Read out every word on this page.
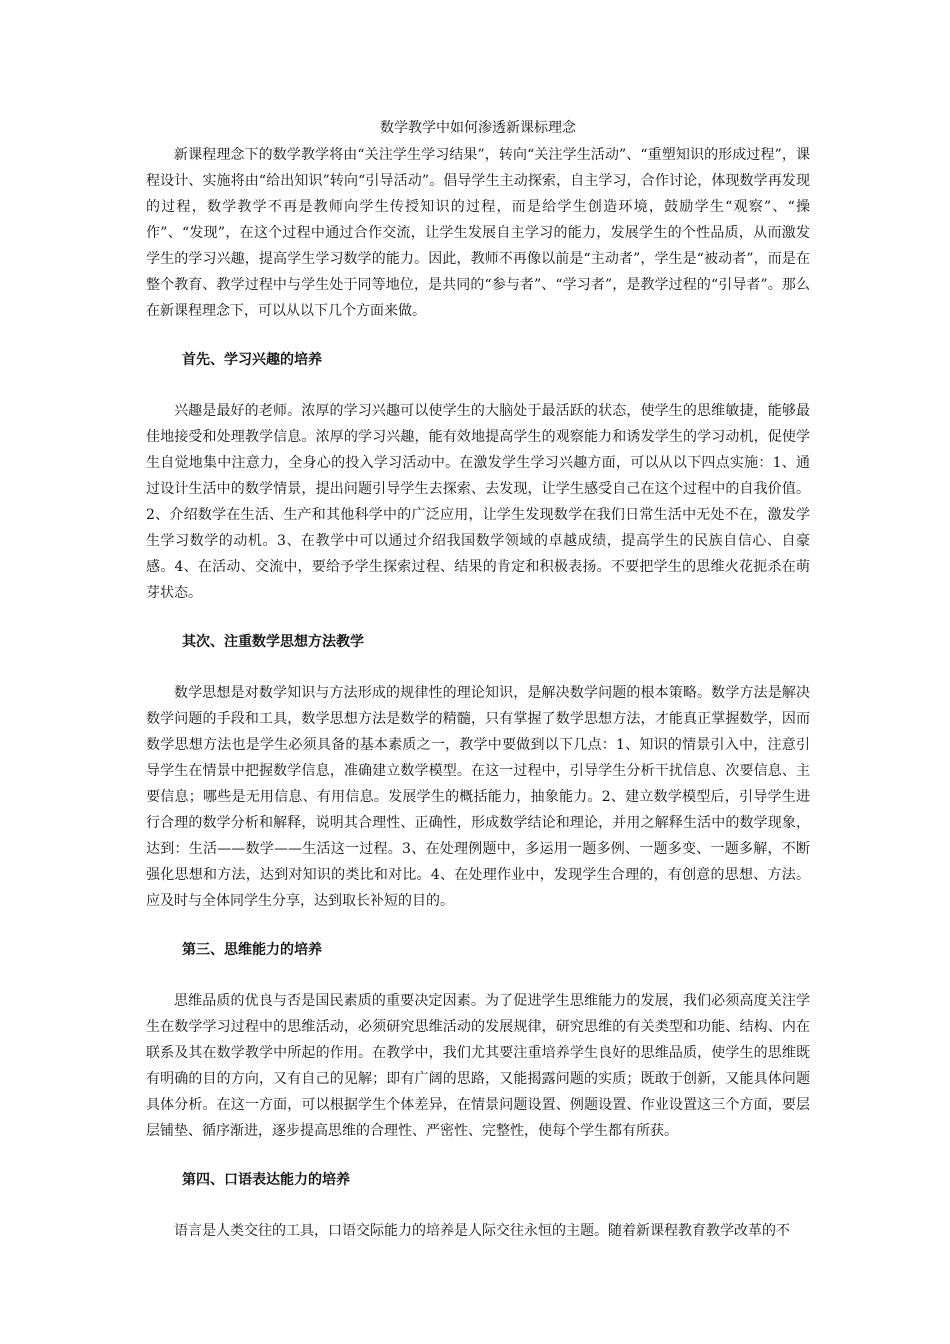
数学教学中如何渗透新课标理念

新课程理念下的数学教学将由“关注学生学习结果”，转向“关注学生活动”、“重塑知识的形成过程”，课程设计、实施将由“给出知识”转向“引导活动”。倡导学生主动探索，自主学习，合作讨论，体现数学再发现的过程，数学教学不再是教师向学生传授知识的过程，而是给学生创造环境，鼓励学生“观察”、“操作”、“发现”，在这个过程中通过合作交流，让学生发展自主学习的能力，发展学生的个性品质，从而激发学生的学习兴趣，提高学生学习数学的能力。因此，教师不再像以前是“主动者”，学生是“被动者”，而是在整个教育、教学过程中与学生处于同等地位，是共同的“参与者”、“学习者”，是教学过程的“引导者”。那么在新课程理念下，可以从以下几个方面来做。

首先、学习兴趣的培养

兴趣是最好的老师。浓厚的学习兴趣可以使学生的大脑处于最活跃的状态，使学生的思维敏捷，能够最佳地接受和处理教学信息。浓厚的学习兴趣，能有效地提高学生的观察能力和诱发学生的学习动机，促使学生自觉地集中注意力，全身心的投入学习活动中。在激发学生学习兴趣方面，可以从以下四点实施：1、通过设计生活中的数学情景，提出问题引导学生去探索、去发现，让学生感受自己在这个过程中的自我价值。2、介绍数学在生活、生产和其他科学中的广泛应用，让学生发现数学在我们日常生活中无处不在，激发学生学习数学的动机。3、在教学中可以通过介绍我国数学领域的卓越成绩，提高学生的民族自信心、自豪感。4、在活动、交流中，要给予学生探索过程、结果的肯定和积极表扬。不要把学生的思维火花扼杀在萌芽状态。

其次、注重数学思想方法教学

数学思想是对数学知识与方法形成的规律性的理论知识，是解决数学问题的根本策略。数学方法是解决数学问题的手段和工具，数学思想方法是数学的精髓，只有掌握了数学思想方法，才能真正掌握数学，因而数学思想方法也是学生必须具备的基本素质之一，教学中要做到以下几点：1、知识的情景引入中，注意引导学生在情景中把握数学信息，准确建立数学模型。在这一过程中，引导学生分析干扰信息、次要信息、主要信息；哪些是无用信息、有用信息。发展学生的概括能力，抽象能力。2、建立数学模型后，引导学生进行合理的数学分析和解释，说明其合理性、正确性，形成数学结论和理论，并用之解释生活中的数学现象，达到：生活——数学——生活这一过程。3、在处理例题中，多运用一题多例、一题多变、一题多解，不断强化思想和方法，达到对知识的类比和对比。4、在处理作业中，发现学生合理的，有创意的思想、方法。应及时与全体同学生分享，达到取长补短的目的。

第三、思维能力的培养

思维品质的优良与否是国民素质的重要决定因素。为了促进学生思维能力的发展，我们必须高度关注学生在数学学习过程中的思维活动，必须研究思维活动的发展规律，研究思维的有关类型和功能、结构、内在联系及其在数学教学中所起的作用。在教学中，我们尤其要注重培养学生良好的思维品质，使学生的思维既有明确的目的方向，又有自己的见解；即有广阔的思路，又能揭露问题的实质；既敢于创新，又能具体问题具体分析。在这一方面，可以根据学生个体差异，在情景问题设置、例题设置、作业设置这三个方面，要层层铺垫、循序渐进，逐步提高思维的合理性、严密性、完整性，使每个学生都有所获。

第四、口语表达能力的培养

语言是人类交往的工具，口语交际能力的培养是人际交往永恒的主题。随着新课程教育教学改革的不
